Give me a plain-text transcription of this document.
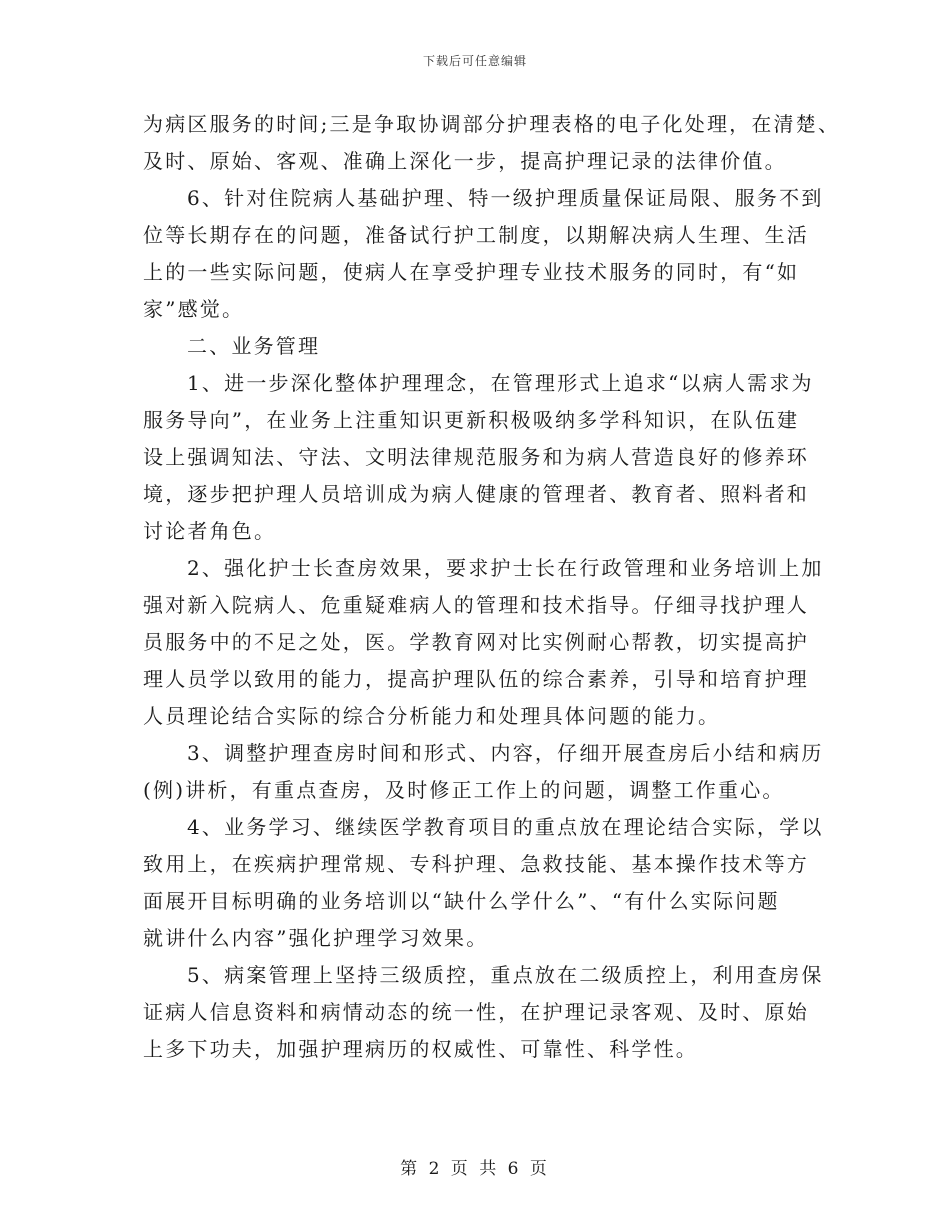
下载后可任意编辑
为病区服务的时间;三是争取协调部分护理表格的电子化处理，在清楚、
及时、原始、客观、准确上深化一步，提高护理记录的法律价值。
6、针对住院病人基础护理、特一级护理质量保证局限、服务不到
位等长期存在的问题，准备试行护工制度，以期解决病人生理、生活
上的一些实际问题，使病人在享受护理专业技术服务的同时，有“如
家”感觉。
二、业务管理
1、进一步深化整体护理理念，在管理形式上追求“以病人需求为
服务导向”，在业务上注重知识更新积极吸纳多学科知识，在队伍建
设上强调知法、守法、文明法律规范服务和为病人营造良好的修养环
境，逐步把护理人员培训成为病人健康的管理者、教育者、照料者和
讨论者角色。
2、强化护士长查房效果，要求护士长在行政管理和业务培训上加
强对新入院病人、危重疑难病人的管理和技术指导。仔细寻找护理人
员服务中的不足之处，医。学教育网对比实例耐心帮教，切实提高护
理人员学以致用的能力，提高护理队伍的综合素养，引导和培育护理
人员理论结合实际的综合分析能力和处理具体问题的能力。
3、调整护理查房时间和形式、内容，仔细开展查房后小结和病历
(例)讲析，有重点查房，及时修正工作上的问题，调整工作重心。
4、业务学习、继续医学教育项目的重点放在理论结合实际，学以
致用上，在疾病护理常规、专科护理、急救技能、基本操作技术等方
面展开目标明确的业务培训以“缺什么学什么”、“有什么实际问题
就讲什么内容”强化护理学习效果。
5、病案管理上坚持三级质控，重点放在二级质控上，利用查房保
证病人信息资料和病情动态的统一性，在护理记录客观、及时、原始
上多下功夫，加强护理病历的权威性、可靠性、科学性。
第 2 页 共 6 页
